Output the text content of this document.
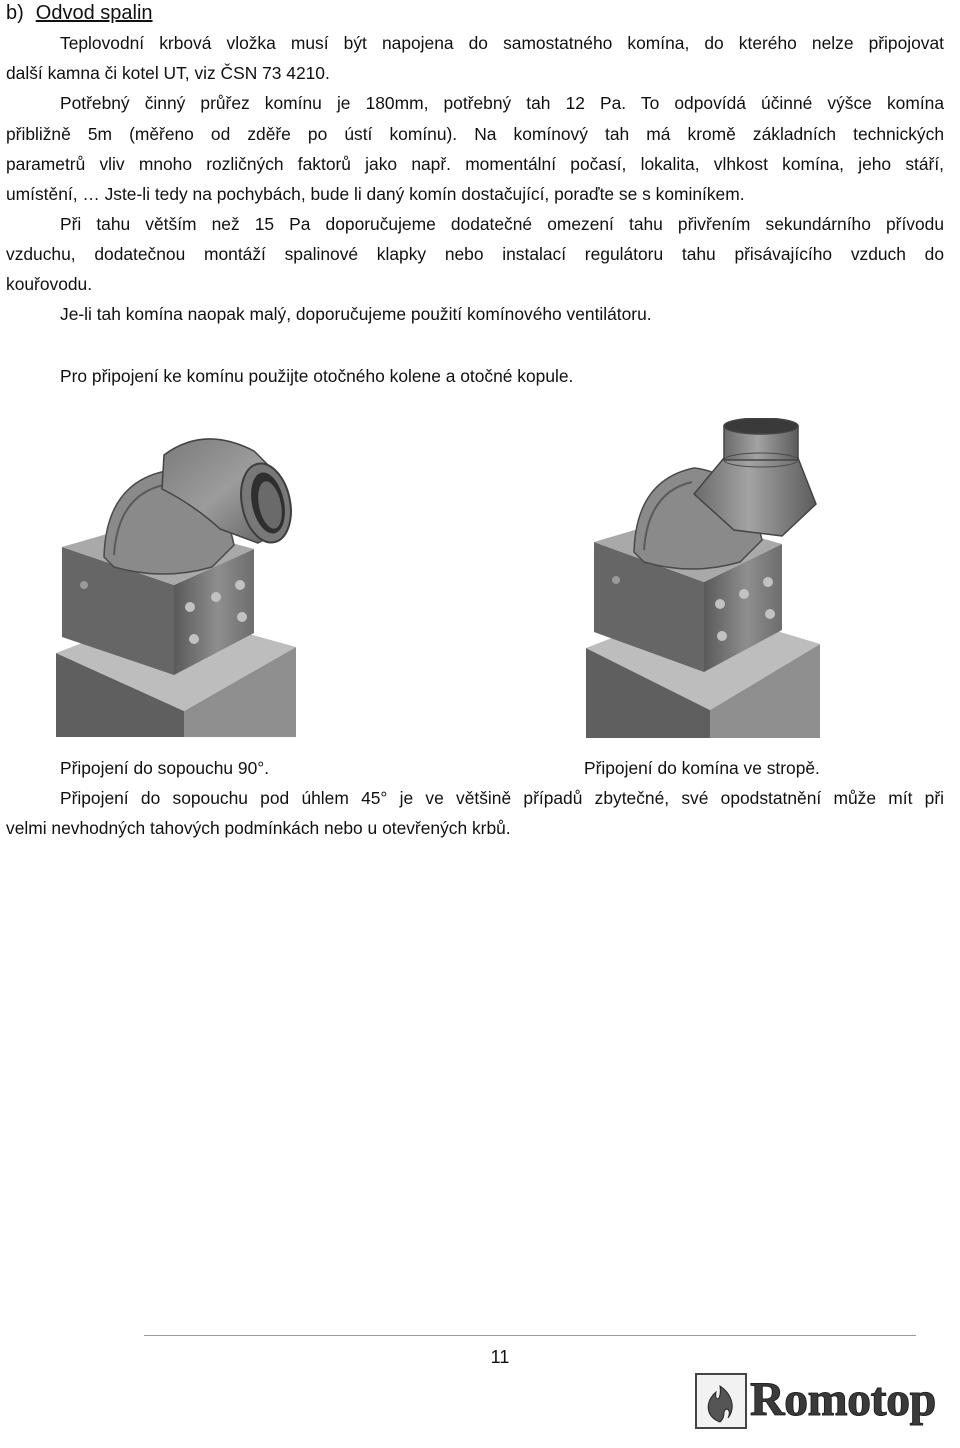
b) Odvod spalin
Teplovodní krbová vložka musí být napojena do samostatného komína, do kterého nelze připojovat
další kamna či kotel UT, viz ČSN 73 4210.
Potřebný činný průřez komínu je 180mm, potřebný tah 12 Pa. To odpovídá účinné výšce komína
přibližně 5m (měřeno od zděře po ústí komínu). Na komínový tah má kromě základních technických
parametrů vliv mnoho rozličných faktorů jako např. momentální počasí, lokalita, vlhkost komína, jeho stáří,
umístění, … Jste-li tedy na pochybách, bude li daný komín dostačující, poraďte se s kominíkem.
Při tahu větším než 15 Pa doporučujeme dodatečné omezení tahu přivřením sekundárního přívodu
vzduchu, dodatečnou montáží spalinové klapky nebo instalací regulátoru tahu přisávajícího vzduch do
kouřovodu.
Je-li tah komína naopak malý, doporučujeme použití komínového ventilátoru.
Pro připojení ke komínu použijte otočného kolene a otočné kopule.
Připojení do sopouchu 90°.	Připojení do komína ve stropě.
Připojení do sopouchu pod úhlem 45° je ve většině případů zbytečné, své opodstatnění může mít při
velmi nevhodných tahových podmínkách nebo u otevřených krbů.
11
Romotop
